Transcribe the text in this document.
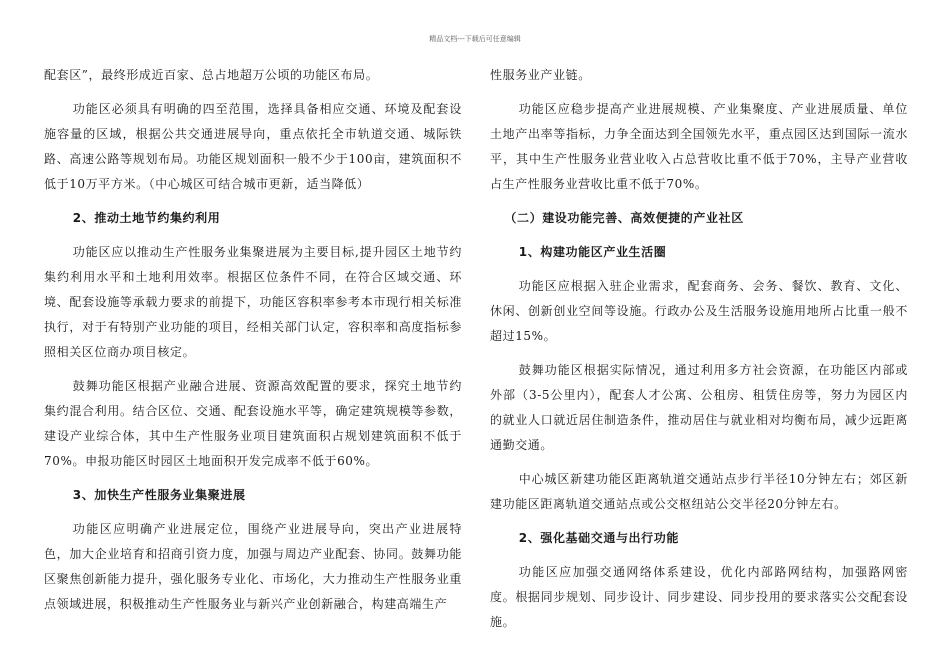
精品文档---下载后可任意编辑

配套区”，最终形成近百家、总占地超万公顷的功能区布局。

功能区必须具有明确的四至范围，选择具备相应交通、环境及配套设施容量的区域，根据公共交通进展导向，重点依托全市轨道交通、城际铁路、高速公路等规划布局。功能区规划面积一般不少于100亩，建筑面积不低于10万平方米。（中心城区可结合城市更新，适当降低）

2、推动土地节约集约利用

功能区应以推动生产性服务业集聚进展为主要目标,提升园区土地节约集约利用水平和土地利用效率。根据区位条件不同，在符合区域交通、环境、配套设施等承载力要求的前提下，功能区容积率参考本市现行相关标准执行，对于有特别产业功能的项目，经相关部门认定，容积率和高度指标参照相关区位商办项目核定。

鼓舞功能区根据产业融合进展、资源高效配置的要求，探究土地节约集约混合利用。结合区位、交通、配套设施水平等，确定建筑规模等参数，建设产业综合体，其中生产性服务业项目建筑面积占规划建筑面积不低于70%。申报功能区时园区土地面积开发完成率不低于60%。

3、加快生产性服务业集聚进展

功能区应明确产业进展定位，围绕产业进展导向，突出产业进展特色，加大企业培育和招商引资力度，加强与周边产业配套、协同。鼓舞功能区聚焦创新能力提升，强化服务专业化、市场化，大力推动生产性服务业重点领域进展，积极推动生产性服务业与新兴产业创新融合，构建高端生产

性服务业产业链。

功能区应稳步提高产业进展规模、产业集聚度、产业进展质量、单位土地产出率等指标，力争全面达到全国领先水平，重点园区达到国际一流水平，其中生产性服务业营业收入占总营收比重不低于70%，主导产业营收占生产性服务业营收比重不低于70%。

（二）建设功能完善、高效便捷的产业社区
1、构建功能区产业生活圈

功能区应根据入驻企业需求，配套商务、会务、餐饮、教育、文化、休闲、创新创业空间等设施。行政办公及生活服务设施用地所占比重一般不超过15%。

鼓舞功能区根据实际情况，通过利用多方社会资源，在功能区内部或外部（3-5公里内），配套人才公寓、公租房、租赁住房等，努力为园区内的就业人口就近居住制造条件，推动居住与就业相对均衡布局，减少远距离通勤交通。

中心城区新建功能区距离轨道交通站点步行半径10分钟左右；郊区新建功能区距离轨道交通站点或公交枢纽站公交半径20分钟左右。

2、强化基础交通与出行功能

功能区应加强交通网络体系建设，优化内部路网结构，加强路网密度。根据同步规划、同步设计、同步建设、同步投用的要求落实公交配套设施。
